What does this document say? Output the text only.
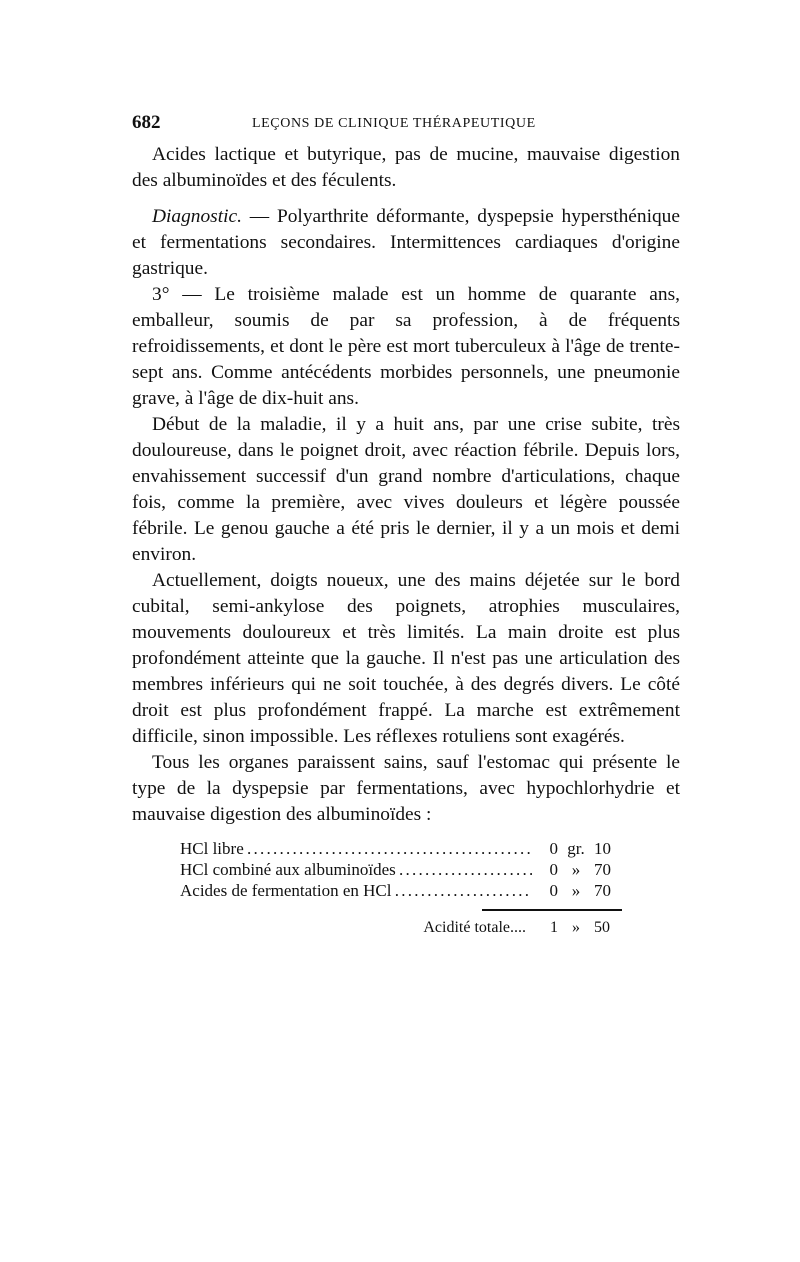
682	LEÇONS DE CLINIQUE THÉRAPEUTIQUE

Acides lactique et butyrique, pas de mucine, mauvaise digestion des albuminoïdes et des féculents.

Diagnostic. — Polyarthrite déformante, dyspepsie hypersthénique et fermentations secondaires. Intermittences cardiaques d'origine gastrique.

3° — Le troisième malade est un homme de quarante ans, emballeur, soumis de par sa profession, à de fréquents refroidissements, et dont le père est mort tuberculeux à l'âge de trente-sept ans. Comme antécédents morbides personnels, une pneumonie grave, à l'âge de dix-huit ans.

Début de la maladie, il y a huit ans, par une crise subite, très douloureuse, dans le poignet droit, avec réaction fébrile. Depuis lors, envahissement successif d'un grand nombre d'articulations, chaque fois, comme la première, avec vives douleurs et légère poussée fébrile. Le genou gauche a été pris le dernier, il y a un mois et demi environ.

Actuellement, doigts noueux, une des mains déjetée sur le bord cubital, semi-ankylose des poignets, atrophies musculaires, mouvements douloureux et très limités. La main droite est plus profondément atteinte que la gauche. Il n'est pas une articulation des membres inférieurs qui ne soit touchée, à des degrés divers. Le côté droit est plus profondément frappé. La marche est extrêmement difficile, sinon impossible. Les réflexes rotuliens sont exagérés.

Tous les organes paraissent sains, sauf l'estomac qui présente le type de la dyspepsie par fermentations, avec hypochlorhydrie et mauvaise digestion des albuminoïdes :

HCl libre . . .	0 gr. 10
HCl combiné aux albuminoïdes . . .	0 » 70
Acides de fermentation en HCl . . .	0 » 70
Acidité totale....	1 » 50
